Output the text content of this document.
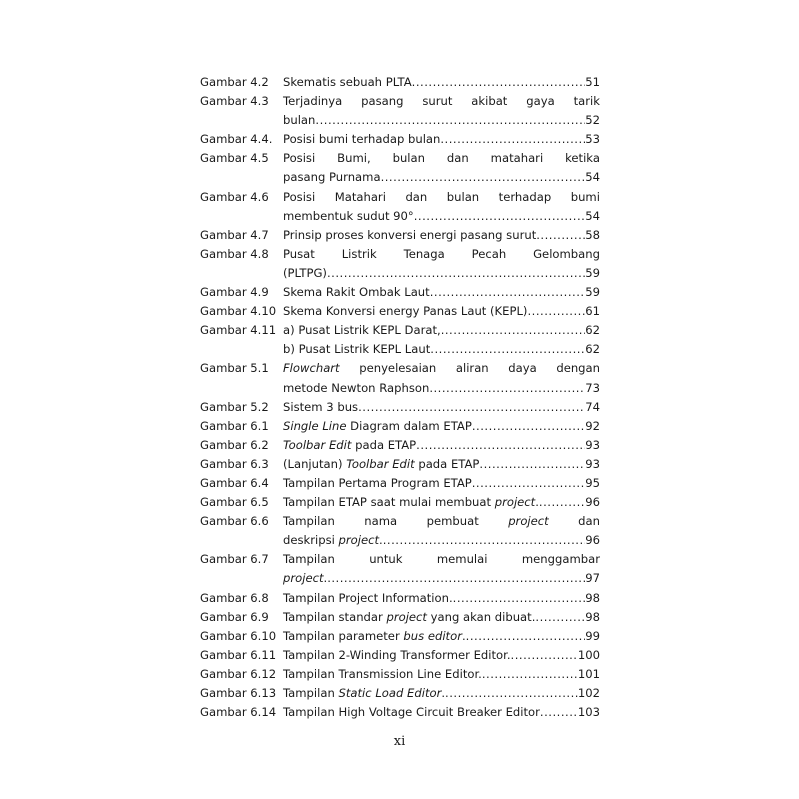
Gambar 4.2	Skematis sebuah PLTA .....	51
Gambar 4.3	Terjadinya pasang surut akibat gaya tarik
bulan .....	52
Gambar 4.4. Posisi bumi terhadap bulan .....	53
Gambar 4.5	Posisi Bumi, bulan dan matahari ketika
pasang Purnama .....	54
Gambar 4.6	Posisi Matahari dan bulan terhadap bumi
membentuk sudut 90° .....	54
Gambar 4.7	Prinsip proses konversi energi pasang surut .....	58
Gambar 4.8	Pusat Listrik Tenaga Pecah Gelombang
(PLTPG) .....	59
Gambar 4.9	Skema Rakit Ombak Laut .....	59
Gambar 4.10 Skema Konversi energy Panas Laut (KEPL) .....	61
Gambar 4.11 a) Pusat Listrik KEPL Darat, .....	62
b) Pusat Listrik KEPL Laut .....	62
Gambar 5.1	Flowchart penyelesaian aliran daya dengan
metode Newton Raphson .....	73
Gambar 5.2	Sistem 3 bus .....	74
Gambar 6.1	Single Line Diagram dalam ETAP .....	92
Gambar 6.2	Toolbar Edit pada ETAP .....	93
Gambar 6.3	(Lanjutan) Toolbar Edit pada ETAP .....	93
Gambar 6.4	Tampilan Pertama Program ETAP .....	95
Gambar 6.5	Tampilan ETAP saat mulai membuat project. .....	96
Gambar 6.6	Tampilan	nama	pembuat	project	dan
deskripsi project. .....	96
Gambar 6.7	Tampilan	untuk	memulai	menggambar
project. .....	97
Gambar 6.8	Tampilan Project Information. .....	98
Gambar 6.9	Tampilan standar project yang akan dibuat. .....	98
Gambar 6.10 Tampilan parameter bus editor. .....	99
Gambar 6.11 Tampilan 2-Winding Transformer Editor. .....	100
Gambar 6.12 Tampilan Transmission Line Editor. .....	101
Gambar 6.13 Tampilan Static Load Editor. .....	102
Gambar 6.14 Tampilan High Voltage Circuit Breaker Editor .....	103
xi
